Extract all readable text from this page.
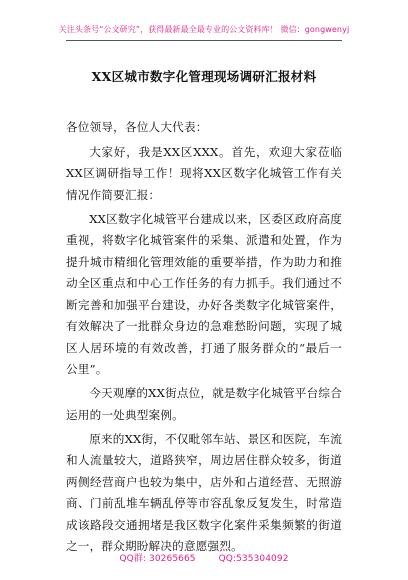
关注头条号“公文研究”，获得最新最全最专业的公文资料库！ 微信：gongwenyj
XX区城市数字化管理现场调研汇报材料

各位领导，各位人大代表：

大家好，我是XX区XXX。首先，欢迎大家莅临XX区调研指导工作！现将XX区数字化城管工作有关情况作简要汇报：

XX区数字化城管平台建成以来，区委区政府高度重视，将数字化城管案件的采集、派遣和处置，作为提升城市精细化管理效能的重要举措，作为助力和推动全区重点和中心工作任务的有力抓手。我们通过不断完善和加强平台建设，办好各类数字化城管案件，有效解决了一批群众身边的急难愁盼问题，实现了城区人居环境的有效改善，打通了服务群众的“最后一公里”。

今天观摩的XX街点位，就是数字化城管平台综合运用的一处典型案例。

原来的XX街，不仅毗邻车站、景区和医院，车流和人流量较大，道路狭窄，周边居住群众较多，街道两侧经营商户也较为集中，店外和占道经营、无照游商、门前乱堆车辆乱停等市容乱象反复发生，时常造成该路段交通拥堵是我区数字化案件采集频繁的街道之一，群众期盼解决的意愿强烈。

QQ群: 30265665	QQ:535304092
